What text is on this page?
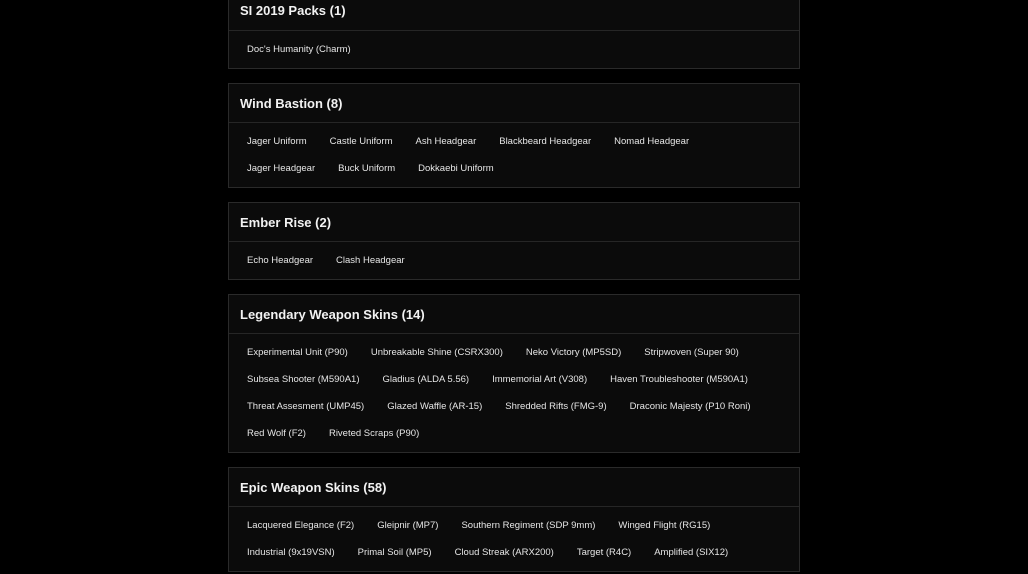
SI 2019 Packs (1)
Doc's Humanity (Charm)
Wind Bastion (8)
Jager Uniform	Castle Uniform	Ash Headgear	Blackbeard Headgear	Nomad Headgear
Jager Headgear	Buck Uniform	Dokkaebi Uniform
Ember Rise (2)
Echo Headgear	Clash Headgear
Legendary Weapon Skins (14)
Experimental Unit (P90)	Unbreakable Shine (CSRX300)	Neko Victory (MP5SD)	Stripwoven (Super 90)
Subsea Shooter (M590A1)	Gladius (ALDA 5.56)	Immemorial Art (V308)	Haven Troubleshooter (M590A1)
Threat Assesment (UMP45)	Glazed Waffle (AR-15)	Shredded Rifts (FMG-9)	Draconic Majesty (P10 Roni)
Red Wolf (F2)	Riveted Scraps (P90)
Epic Weapon Skins (58)
Lacquered Elegance (F2)	Gleipnir (MP7)	Southern Regiment (SDP 9mm)	Winged Flight (RG15)
Industrial (9x19VSN)	Primal Soil (MP5)	Cloud Streak (ARX200)	Target (R4C)	Amplified (SIX12)
